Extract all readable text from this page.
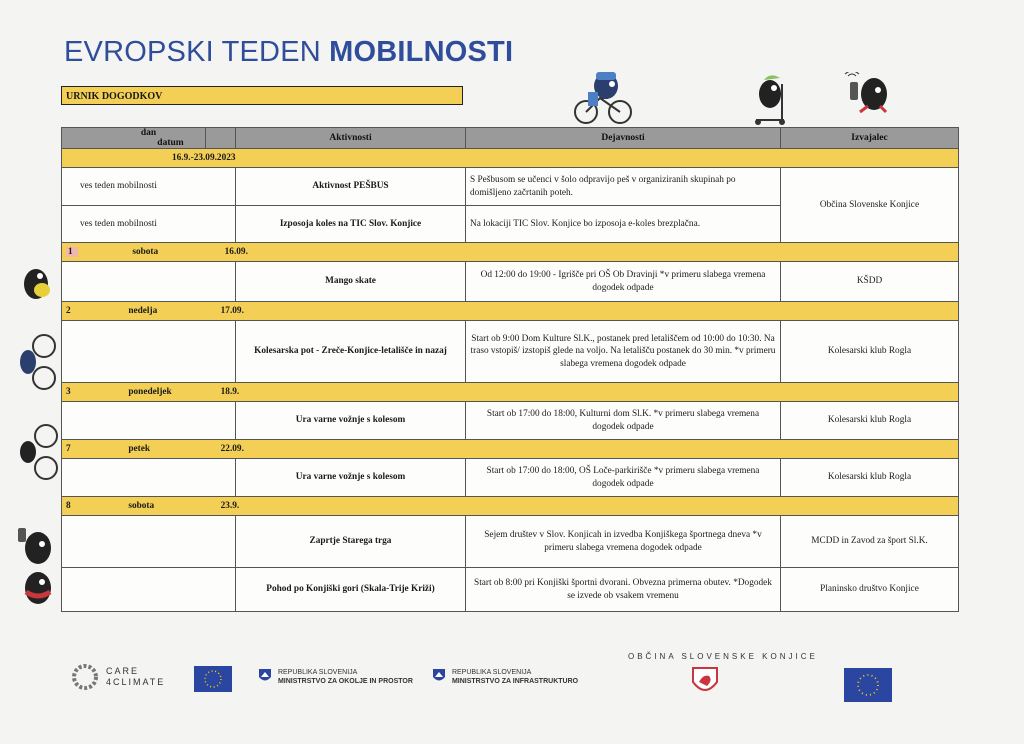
EVROPSKI TEDEN MOBILNOSTI
URNIK DOGODKOV
dandatum		Aktivnosti	Dejavnosti	Izvajalec
16.9.-23.09.2023				
ves teden mobilnosti		Aktivnost PEŠBUS	S Pešbusom se učenci v šolo odpravijo peš v organiziranih skupinah po domišljeno začrtanih poteh.	Občina Slovenske Konjice
ves teden mobilnosti		Izposoja koles na TIC Slov. Konjice	Na lokaciji TIC Slov. Konjice bo izposoja e-koles brezplačna.	
1 sobota 16.09.				
		Mango skate	Od 12:00 do 19:00 - Igrišče pri OŠ Ob Dravinji *v primeru slabega vremena dogodek odpade	KŠDD
2 nedelja 17.09.				
		Kolesarska pot - Zreče-Konjice-letališče in nazaj	Start ob 9:00 Dom Kulture Sl.K., postanek pred letališčem od 10:00 do 10:30. Na traso vstopiš/ izstopiš glede na voljo. Na letališču postanek do 30 min. *v primeru slabega vremena dogodek odpade	Kolesarski klub Rogla
3 ponedeljek 18.9.				
		Ura varne vožnje s kolesom	Start ob 17:00 do 18:00, Kulturni dom Sl.K. *v primeru slabega vremena dogodek odpade	Kolesarski klub Rogla
7 petek 22.09.				
		Ura varne vožnje s kolesom	Start ob 17:00 do 18:00, OŠ Loče-parkirišče *v primeru slabega vremena dogodek odpade	Kolesarski klub Rogla
8 sobota 23.9.				
		Zaprtje Starega trga	Sejem društev v Slov. Konjicah in izvedba Konjiškega športnega dneva *v primeru slabega vremena dogodek odpade	MCDD in Zavod za šport Sl.K.
		Pohod po Konjiški gori (Skala-Trije Križi)	Start ob 8:00 pri Konjiški športni dvorani. Obvezna primerna obutev. *Dogodek se izvede ob vsakem vremenu	Planinsko društvo Konjice
CARE
4CLIMATE
REPUBLIKA SLOVENIJA
MINISTRSTVO ZA OKOLJE IN PROSTOR
REPUBLIKA SLOVENIJA
MINISTRSTVO ZA INFRASTRUKTURO
OBČINA SLOVENSKE KONJICE
